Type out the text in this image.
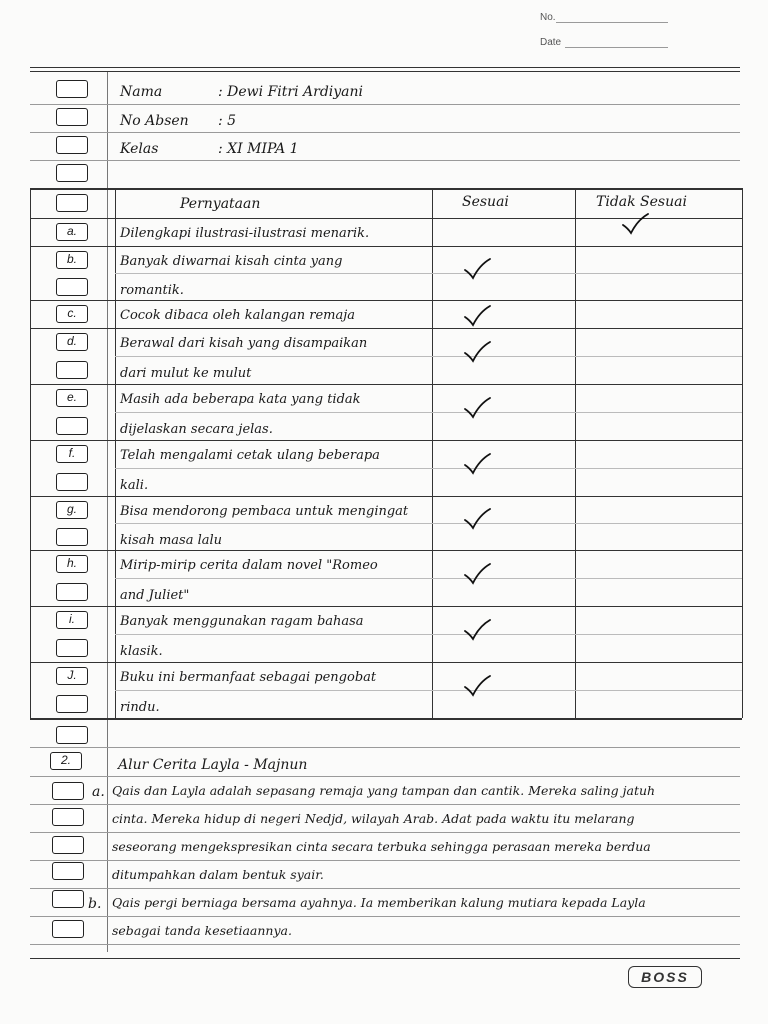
No.
Date
Nama	: Dewi Fitri Ardiyani
No Absen : 5
Kelas	: XI MIPA 1
Pernyataan	Sesuai	Tidak Sesuai
a.	Dilengkapi ilustrasi-ilustrasi menarik.
b.	Banyak diwarnai kisah cinta yang
romantik.
c.	Cocok dibaca oleh kalangan remaja
d.	Berawal dari kisah yang disampaikan
dari mulut ke mulut
e.	Masih ada beberapa kata yang tidak
dijelaskan secara jelas.
f.	Telah mengalami cetak ulang beberapa
kali.
g.	Bisa mendorong pembaca untuk mengingat
kisah masa lalu
h.	Mirip-mirip cerita dalam novel "Romeo
and Juliet"
i.	Banyak menggunakan ragam bahasa
klasik.
J.	Buku ini bermanfaat sebagai pengobat
rindu.
2.	Alur Cerita Layla - Majnun
a. Qais dan Layla adalah sepasang remaja yang tampan dan cantik. Mereka saling jatuh
cinta. Mereka hidup di negeri Nedjd, wilayah Arab. Adat pada waktu itu melarang
seseorang mengekspresikan cinta secara terbuka sehingga perasaan mereka berdua
ditumpahkan dalam bentuk syair.
b. Qais pergi berniaga bersama ayahnya. Ia memberikan kalung mutiara kepada Layla
sebagai tanda kesetiaannya.
BOSS
